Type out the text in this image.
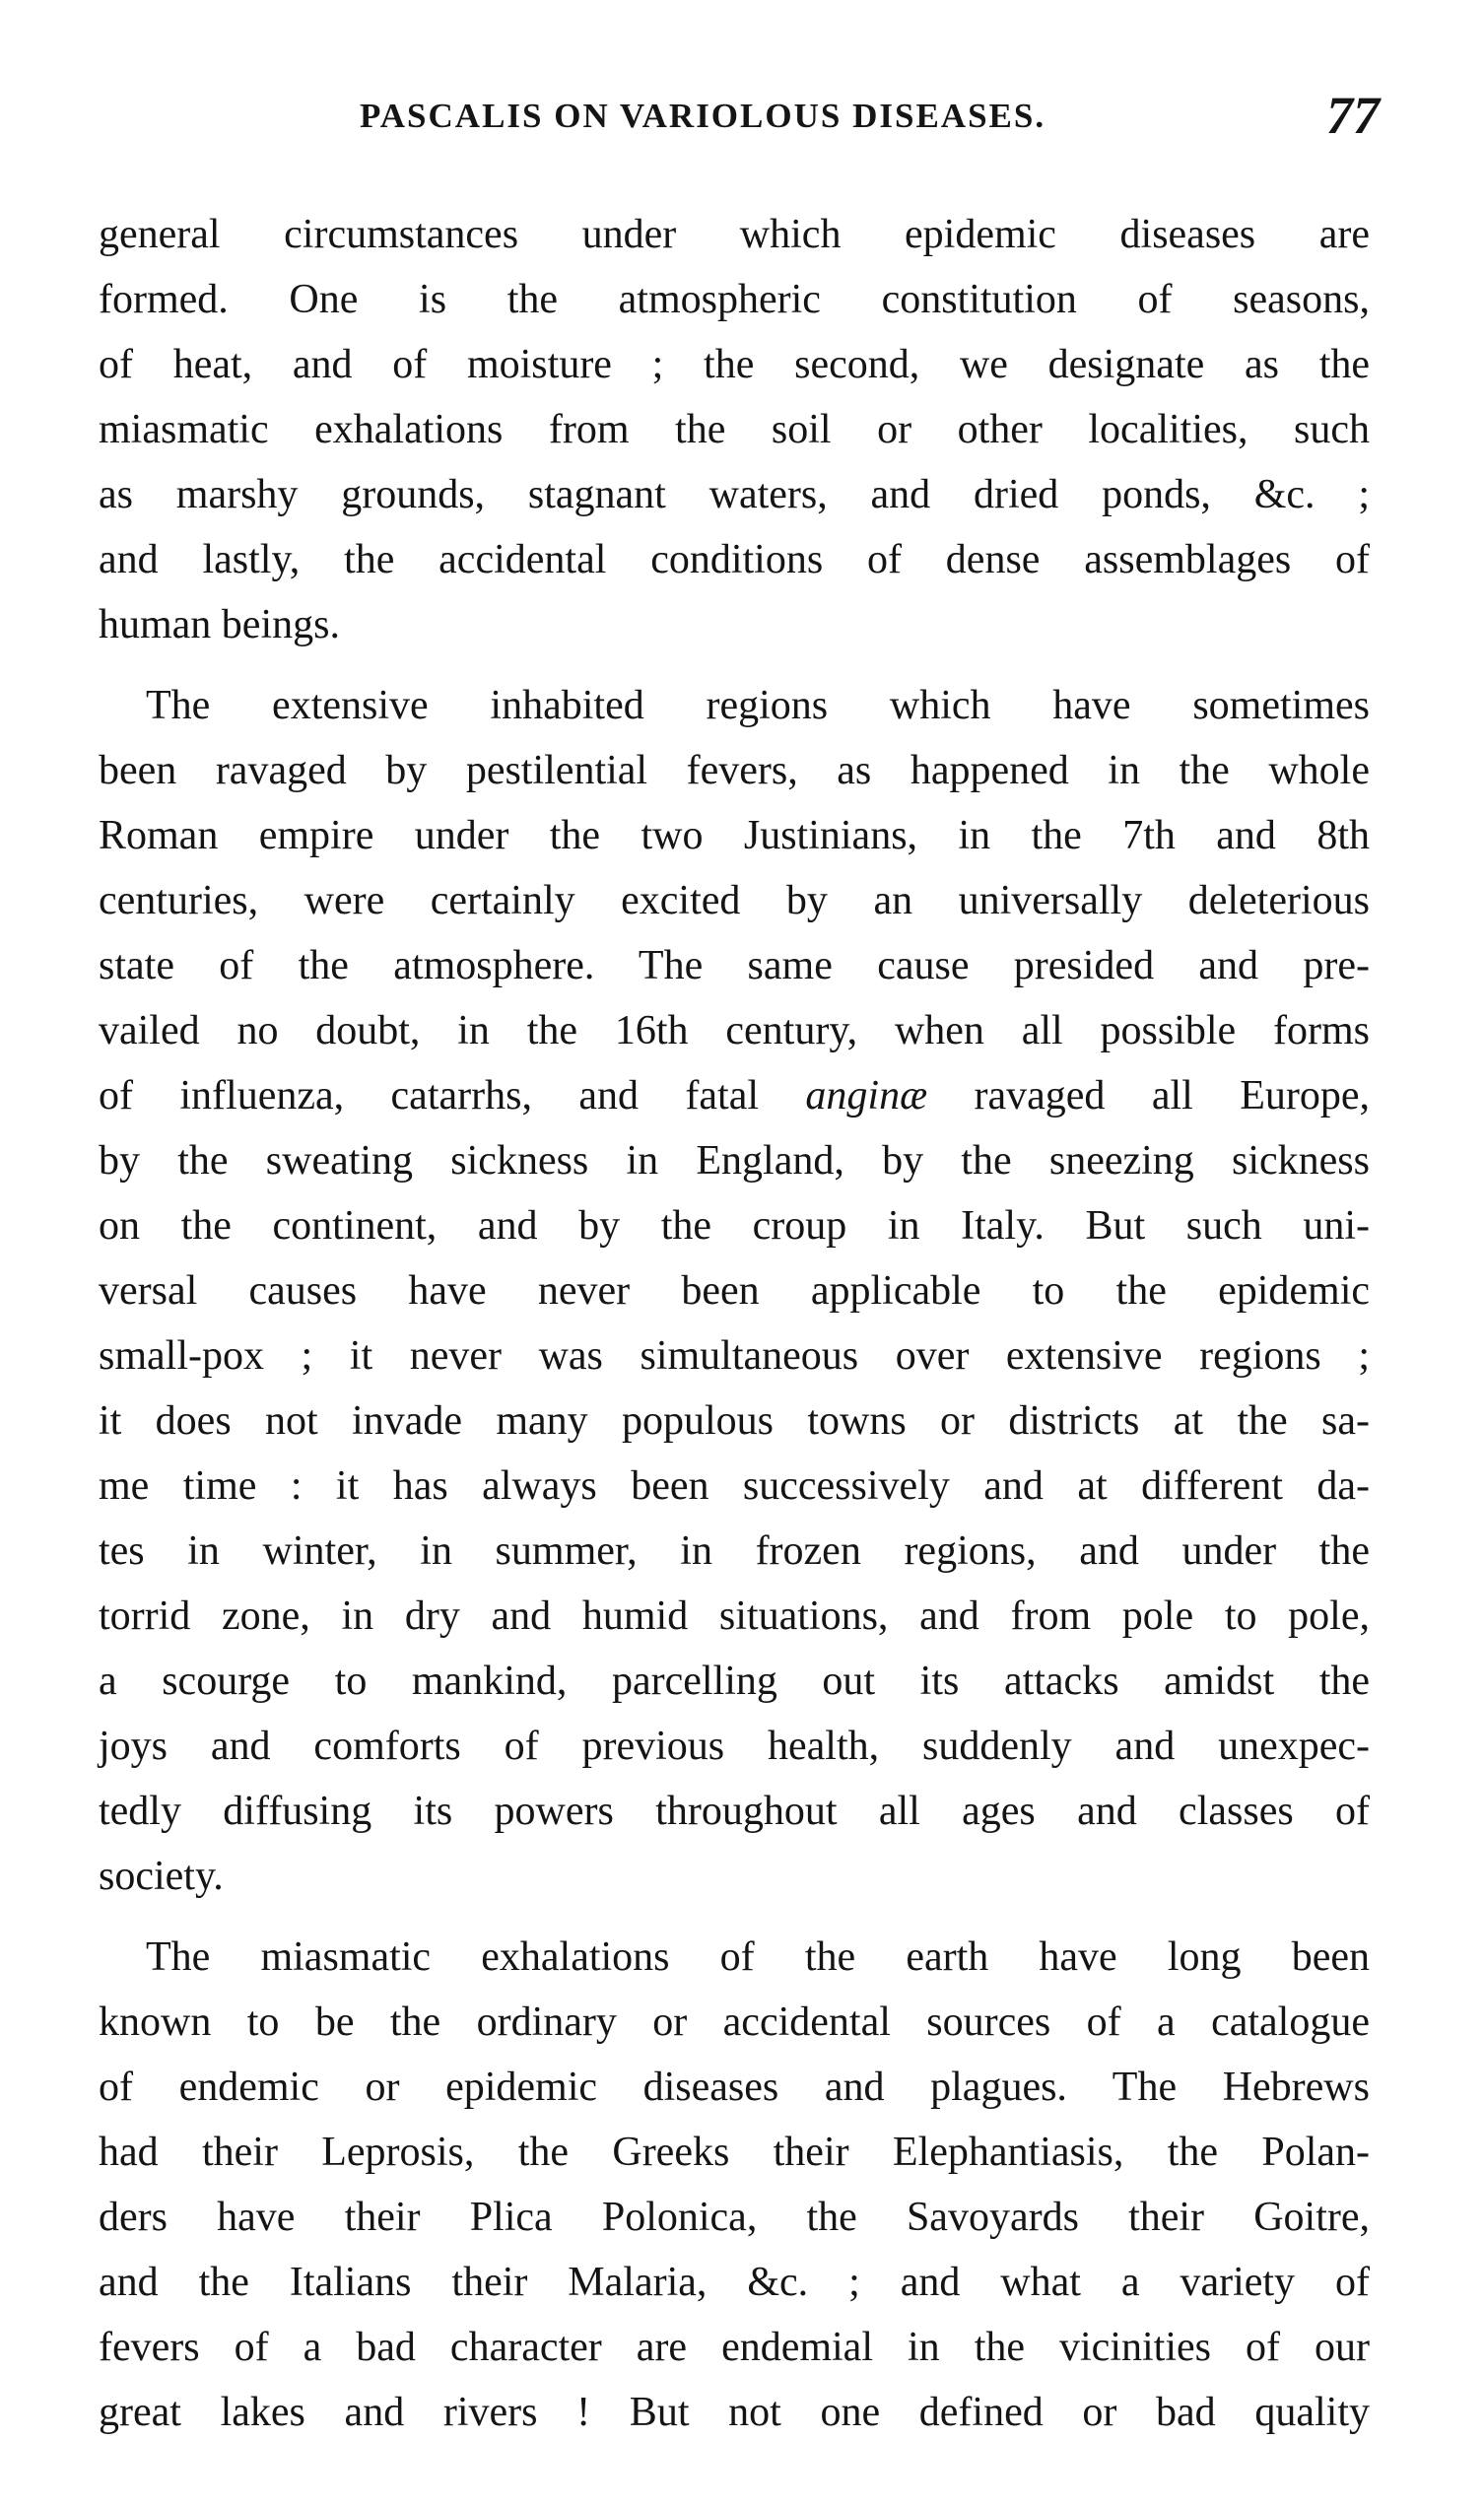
PASCALIS ON VARIOLOUS DISEASES.	77
general circumstances under which epidemic diseases are
formed. One is the atmospheric constitution of seasons,
of heat, and of moisture ; the second, we designate as the
miasmatic exhalations from the soil or other localities, such
as marshy grounds, stagnant waters, and dried ponds, &c. ;
and lastly, the accidental conditions of dense assemblages of
human beings.
The extensive inhabited regions which have sometimes
been ravaged by pestilential fevers, as happened in the whole
Roman empire under the two Justinians, in the 7th and 8th
centuries, were certainly excited by an universally deleterious
state of the atmosphere. The same cause presided and pre-
vailed no doubt, in the 16th century, when all possible forms
of influenza, catarrhs, and fatal anginæ ravaged all Europe,
by the sweating sickness in England, by the sneezing sickness
on the continent, and by the croup in Italy. But such uni-
versal causes have never been applicable to the epidemic
small-pox ; it never was simultaneous over extensive regions ;
it does not invade many populous towns or districts at the sa-
me time : it has always been successively and at different da-
tes in winter, in summer, in frozen regions, and under the
torrid zone, in dry and humid situations, and from pole to pole,
a scourge to mankind, parcelling out its attacks amidst the
joys and comforts of previous health, suddenly and unexpec-
tedly diffusing its powers throughout all ages and classes of
society.
The miasmatic exhalations of the earth have long been
known to be the ordinary or accidental sources of a catalogue
of endemic or epidemic diseases and plagues. The Hebrews
had their Leprosis, the Greeks their Elephantiasis, the Polan-
ders have their Plica Polonica, the Savoyards their Goitre,
and the Italians their Malaria, &c. ; and what a variety of
fevers of a bad character are endemial in the vicinities of our
great lakes and rivers ! But not one defined or bad quality
